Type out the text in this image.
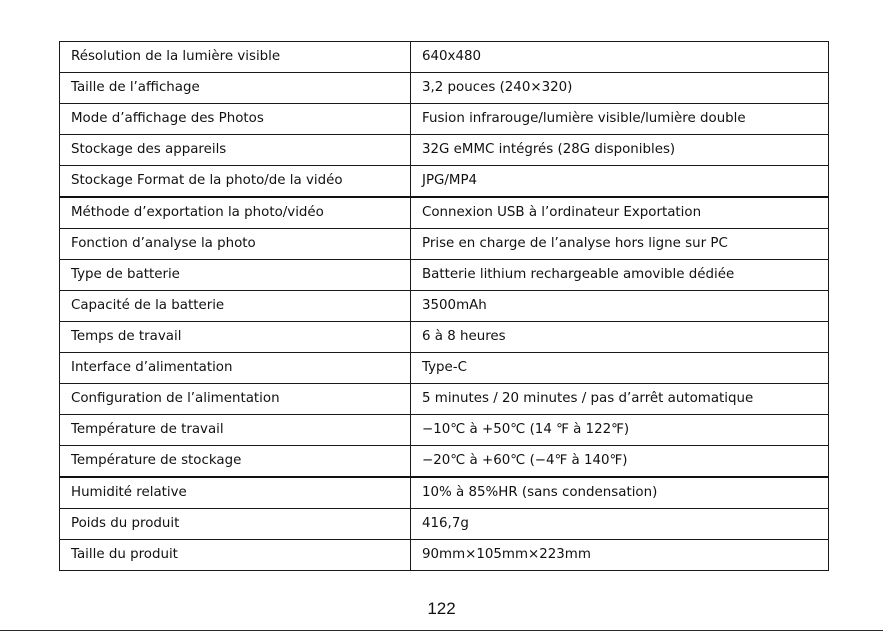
Résolution de la lumière visible	640x480
Taille de l’affichage	3,2 pouces (240×320)
Mode d’affichage des Photos	Fusion infrarouge/lumière visible/lumière double
Stockage des appareils	32G eMMC intégrés (28G disponibles)
Stockage Format de la photo/de la vidéo	JPG/MP4
Méthode d’exportation la photo/vidéo	Connexion USB à l’ordinateur Exportation
Fonction d’analyse la photo	Prise en charge de l’analyse hors ligne sur PC
Type de batterie	Batterie lithium rechargeable amovible dédiée
Capacité de la batterie	3500mAh
Temps de travail	6 à 8 heures
Interface d’alimentation	Type-C
Configuration de l’alimentation	5 minutes / 20 minutes / pas d’arrêt automatique
Température de travail	−10℃ à +50℃ (14 ℉ à 122℉)
Température de stockage	−20℃ à +60℃ (−4℉ à 140℉)
Humidité relative	10% à 85%HR (sans condensation)
Poids du produit	416,7g
Taille du produit	90mm×105mm×223mm
122
